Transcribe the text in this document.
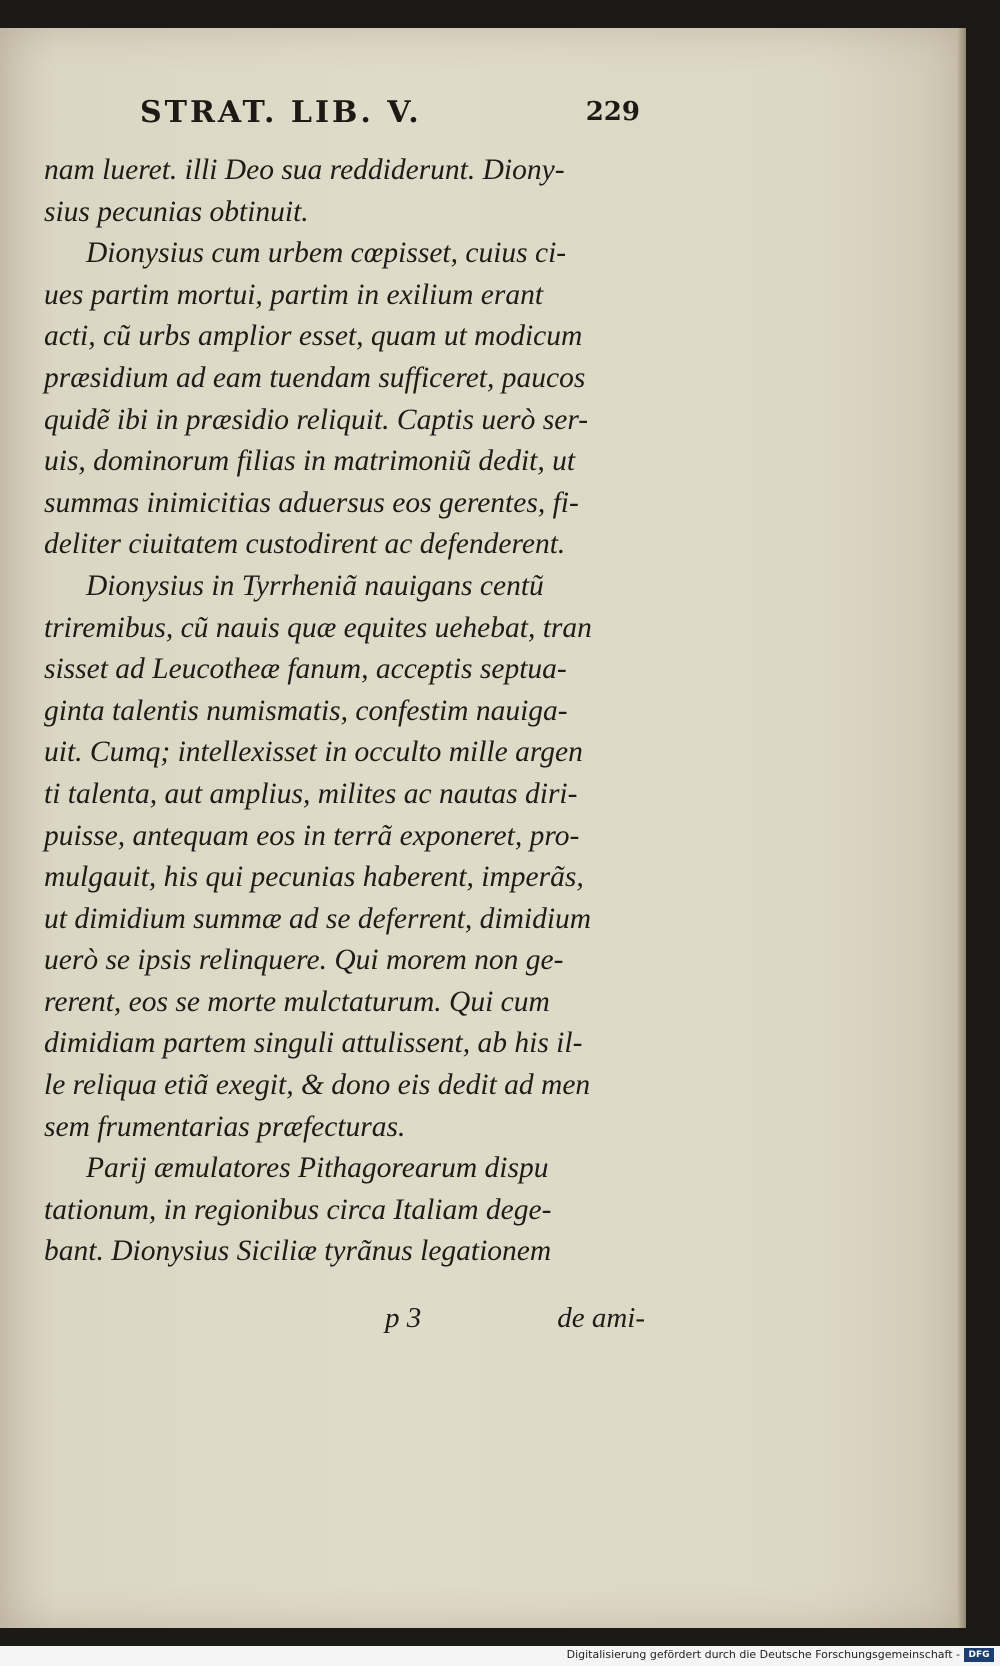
STRAT. LIB. V.	229
nam lueret. illi Deo sua reddiderunt. Diony-
sius pecunias obtinuit.
Dionysius cum urbem cœpisset, cuius ci-
ues partim mortui, partim in exilium erant
acti, cũ urbs amplior esset, quam ut modicum
præsidium ad eam tuendam sufficeret, paucos
quidẽ ibi in præsidio reliquit. Captis uerò ser-
uis, dominorum filias in matrimoniũ dedit, ut
summas inimicitias aduersus eos gerentes, fi-
deliter ciuitatem custodirent ac defenderent.
Dionysius in Tyrrheniã nauigans centũ
triremibus, cũ nauis quæ equites uehebat, tran
sisset ad Leucotheæ fanum, acceptis septua-
ginta talentis numismatis, confestim nauiga-
uit. Cumq; intellexisset in occulto mille argen
ti talenta, aut amplius, milites ac nautas diri-
puisse, antequam eos in terrã exponeret, pro-
mulgauit, his qui pecunias haberent, imperãs,
ut dimidium summæ ad se deferrent, dimidium
uerò se ipsis relinquere. Qui morem non ge-
rerent, eos se morte mulctaturum. Qui cum
dimidiam partem singuli attulissent, ab his il-
le reliqua etiã exegit, & dono eis dedit ad men
sem frumentarias præfecturas.
Parij æmulatores Pithagorearum dispu
tationum, in regionibus circa Italiam dege-
bant. Dionysius Siciliæ tyrãnus legationem
p 3	de ami-
Digitalisierung gefördert durch die Deutsche Forschungsgemeinschaft - DFG
